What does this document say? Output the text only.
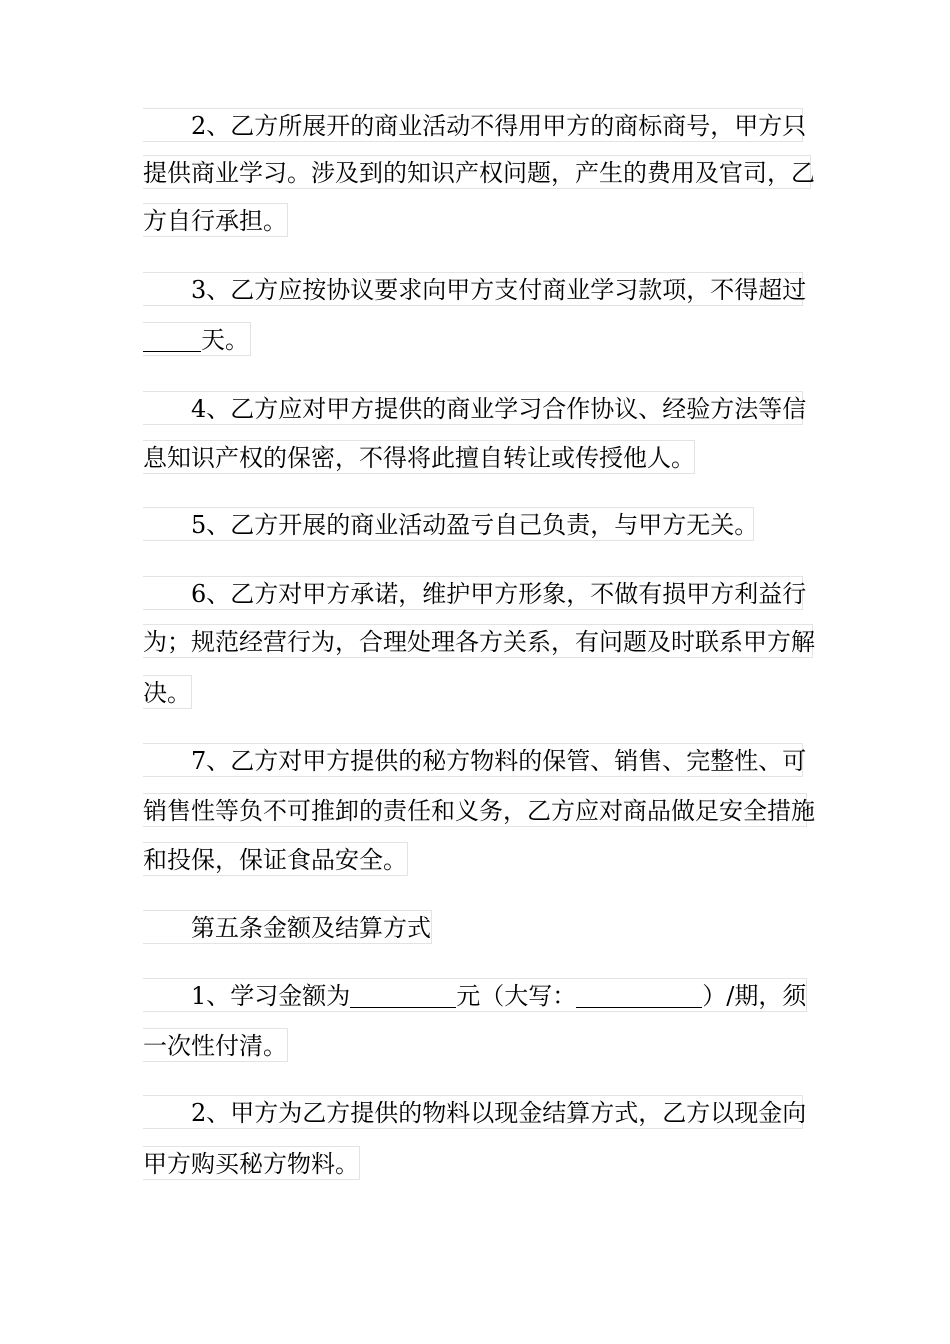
2、乙方所展开的商业活动不得用甲方的商标商号，甲方只
提供商业学习。涉及到的知识产权问题，产生的费用及官司，乙
方自行承担。
3、乙方应按协议要求向甲方支付商业学习款项，不得超过
天。
4、乙方应对甲方提供的商业学习合作协议、经验方法等信
息知识产权的保密，不得将此擅自转让或传授他人。
5、乙方开展的商业活动盈亏自己负责，与甲方无关。
6、乙方对甲方承诺，维护甲方形象，不做有损甲方利益行
为；规范经营行为，合理处理各方关系，有问题及时联系甲方解
决。
7、乙方对甲方提供的秘方物料的保管、销售、完整性、可
销售性等负不可推卸的责任和义务，乙方应对商品做足安全措施
和投保，保证食品安全。
第五条金额及结算方式
1、学习金额为	元（大写：	）/期，须
一次性付清。
2、甲方为乙方提供的物料以现金结算方式，乙方以现金向
甲方购买秘方物料。
